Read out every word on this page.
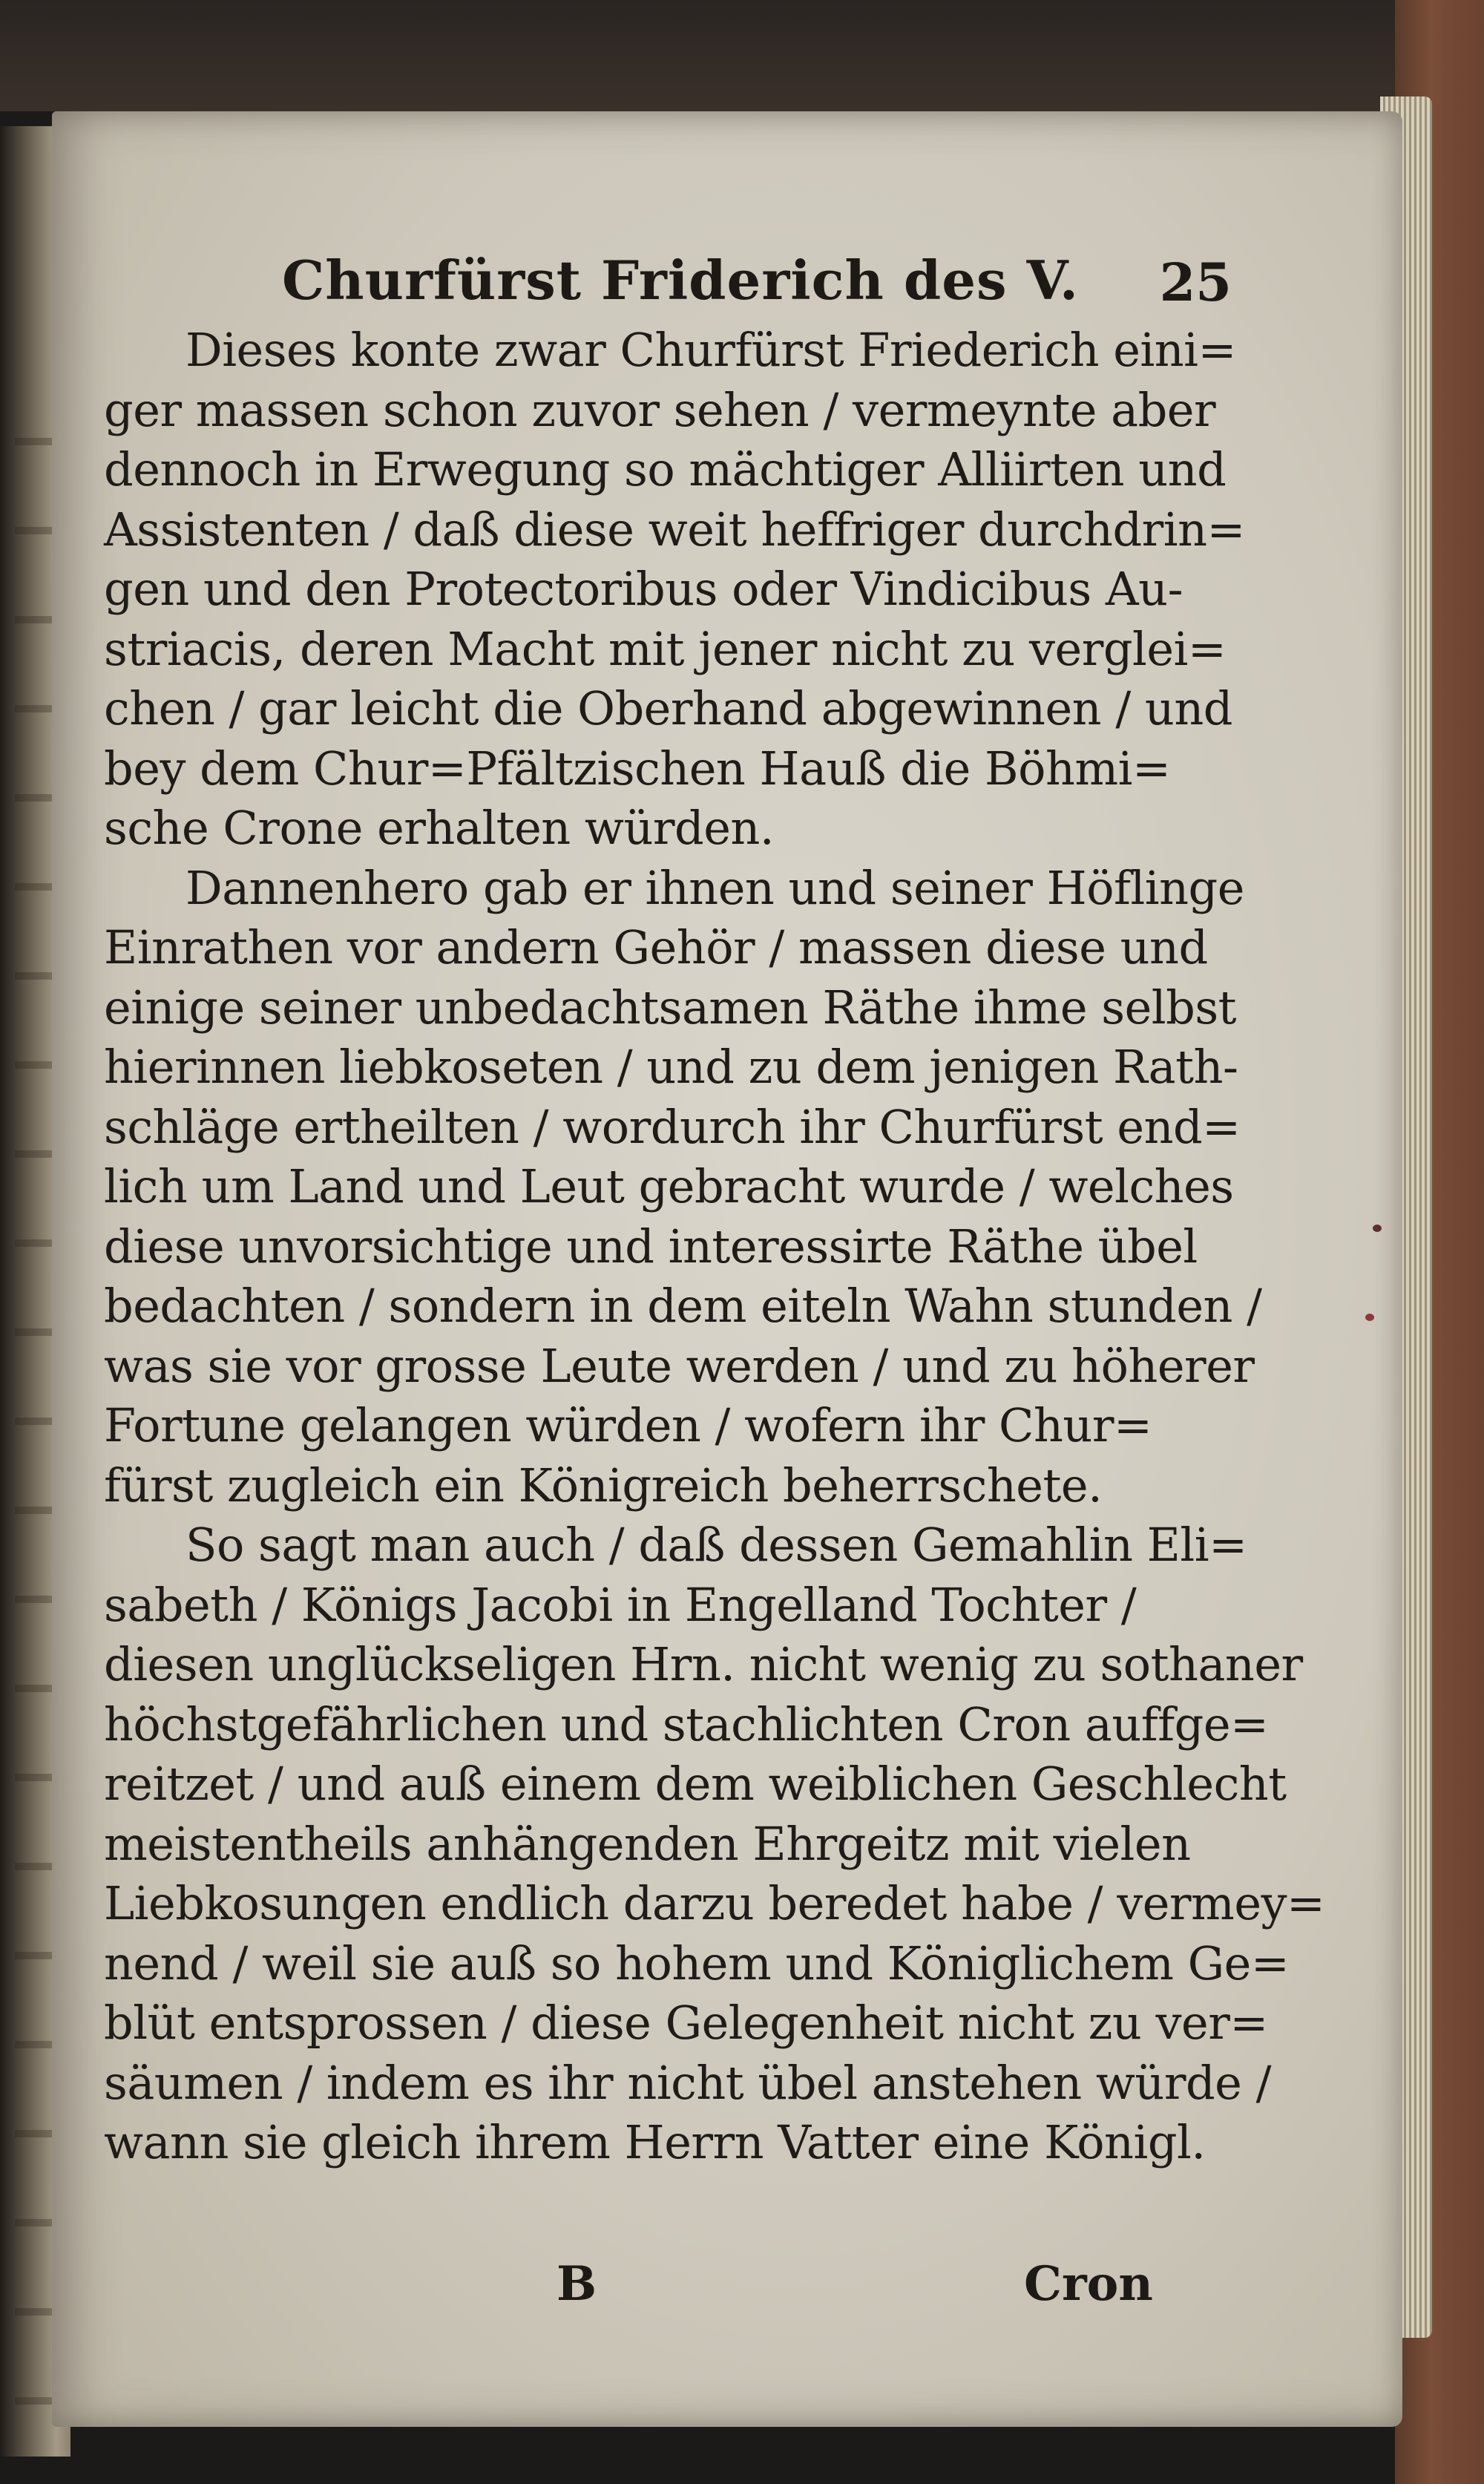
Churfürst Friderich des V. 25
Dieses konte zwar Churfürst Friederich eini=
ger massen schon zuvor sehen / vermeynte aber
dennoch in Erwegung so mächtiger Alliirten und
Assistenten / daß diese weit heffriger durchdrin=
gen und den Protectoribus oder Vindicibus Au-
striacis, deren Macht mit jener nicht zu verglei=
chen / gar leicht die Oberhand abgewinnen / und
bey dem Chur=Pfältzischen Hauß die Böhmi=
sche Crone erhalten würden.
Dannenhero gab er ihnen und seiner Höflinge
Einrathen vor andern Gehör / massen diese und
einige seiner unbedachtsamen Räthe ihme selbst
hierinnen liebkoseten / und zu dem jenigen Rath-
schläge ertheilten / wordurch ihr Churfürst end=
lich um Land und Leut gebracht wurde / welches
diese unvorsichtige und interessirte Räthe übel
bedachten / sondern in dem eiteln Wahn stunden /
was sie vor grosse Leute werden / und zu höherer
Fortune gelangen würden / wofern ihr Chur=
fürst zugleich ein Königreich beherrschete.
So sagt man auch / daß dessen Gemahlin Eli=
sabeth / Königs Jacobi in Engelland Tochter /
diesen unglückseligen Hrn. nicht wenig zu sothaner
höchstgefährlichen und stachlichten Cron auffge=
reitzet / und auß einem dem weiblichen Geschlecht
meistentheils anhängenden Ehrgeitz mit vielen
Liebkosungen endlich darzu beredet habe / vermey=
nend / weil sie auß so hohem und Königlichem Ge=
blüt entsprossen / diese Gelegenheit nicht zu ver=
säumen / indem es ihr nicht übel anstehen würde /
wann sie gleich ihrem Herrn Vatter eine Königl.
B	Cron
